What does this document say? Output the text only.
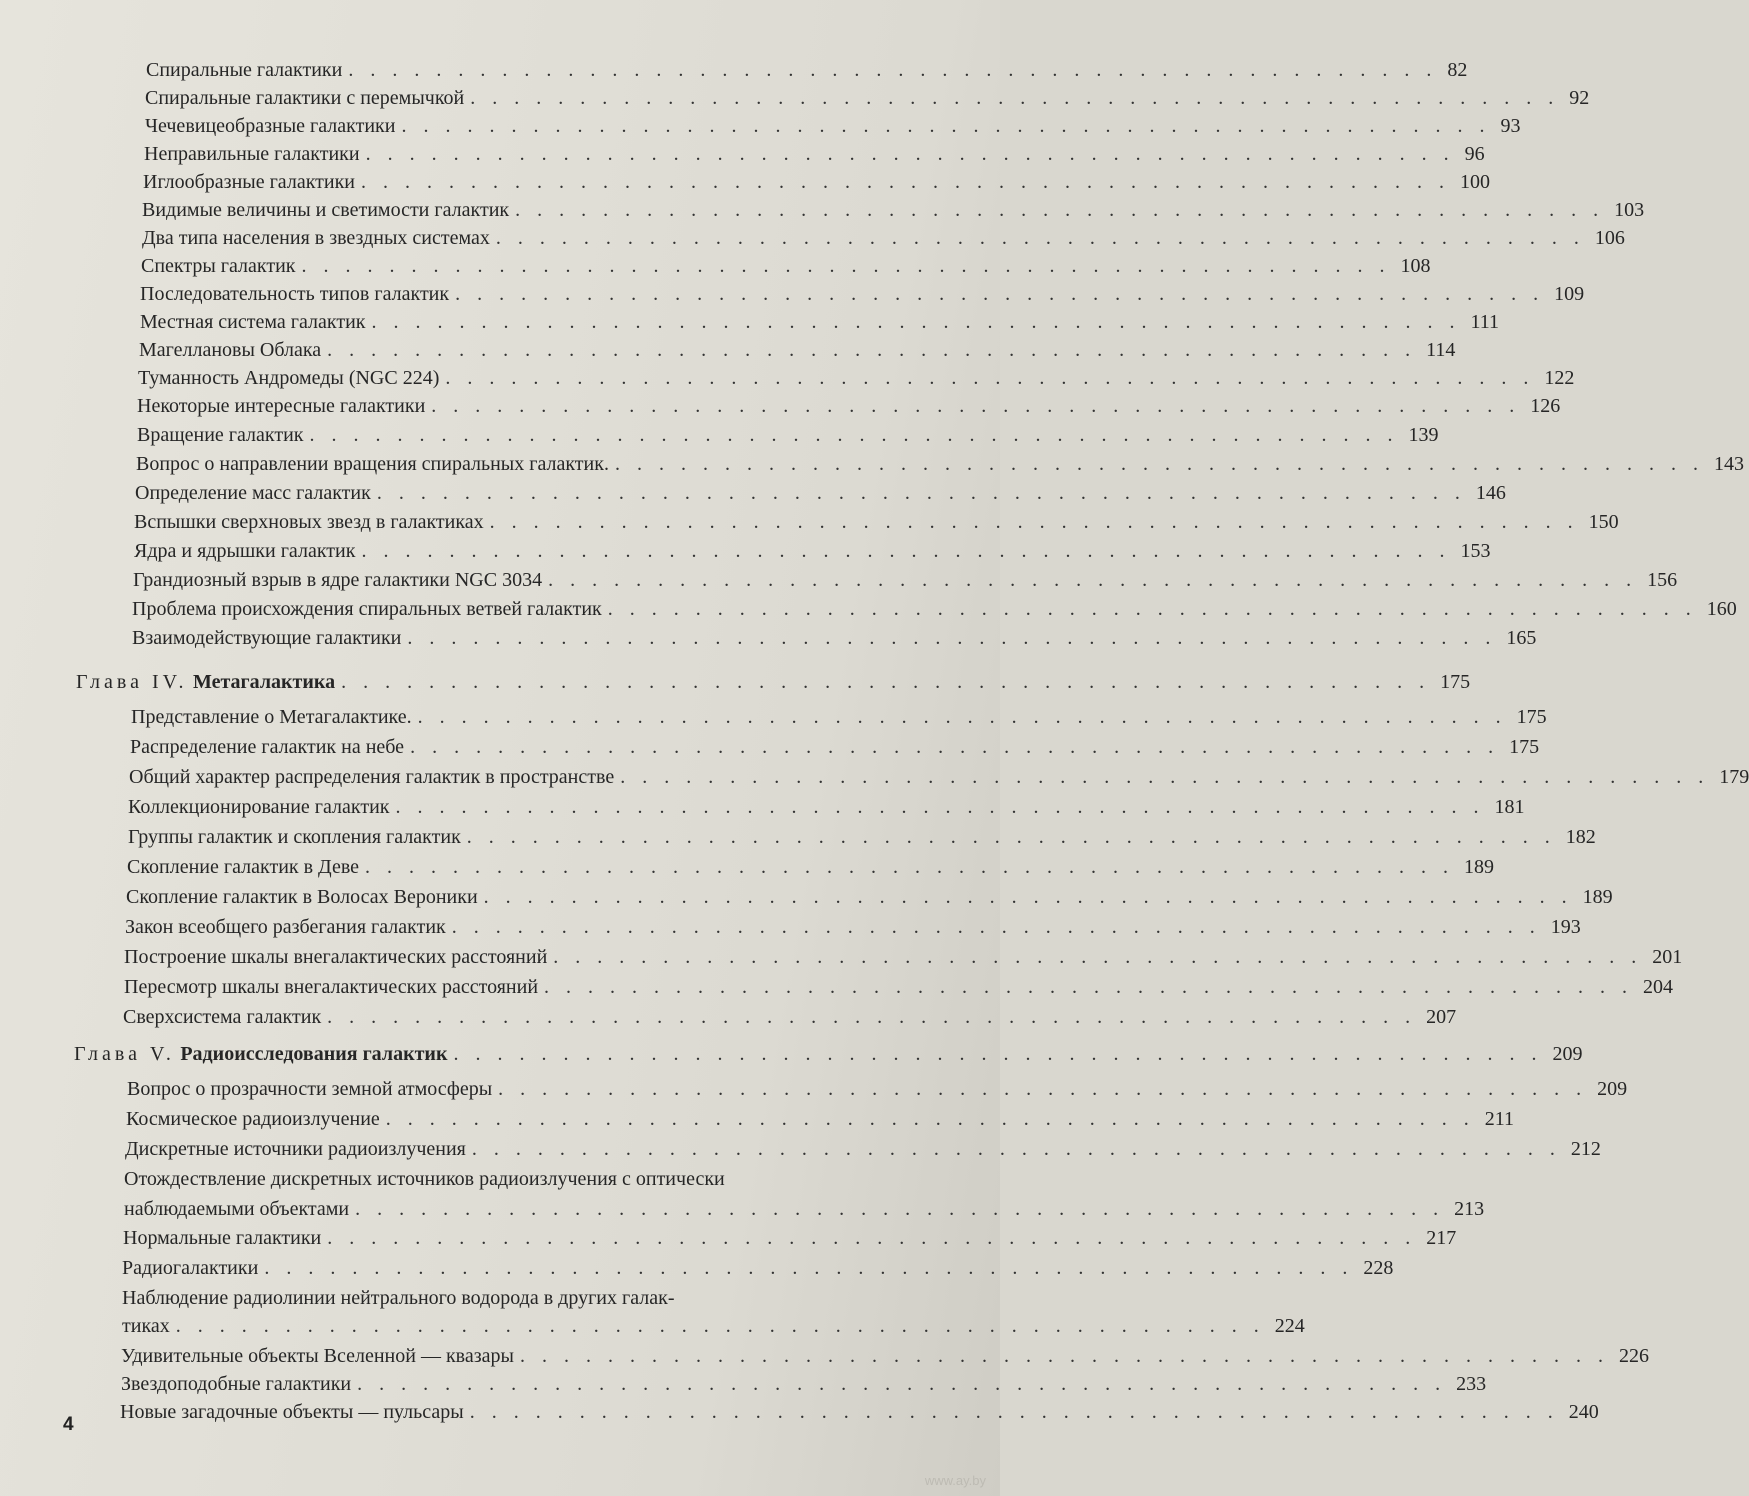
Спиральные галактики . . . . . . . . . . . . . . . . . . . . . . . . . . . . . . . . . . . . . . . . . . . . . . . . . . 82
Спиральные галактики с перемычкой . . . . . . . . . . . . . . . . . . . . . . . . . . . . . . . . . . . . . . . . . . . . . . . . . . 92
Чечевицеобразные галактики . . . . . . . . . . . . . . . . . . . . . . . . . . . . . . . . . . . . . . . . . . . . . . . . . . 93
Неправильные галактики . . . . . . . . . . . . . . . . . . . . . . . . . . . . . . . . . . . . . . . . . . . . . . . . . . 96
Иглообразные галактики . . . . . . . . . . . . . . . . . . . . . . . . . . . . . . . . . . . . . . . . . . . . . . . . . . 100
Видимые величины и светимости галактик . . . . . . . . . . . . . . . . . . . . . . . . . . . . . . . . . . . . . . . . . . . . . . . . . . 103
Два типа населения в звездных системах . . . . . . . . . . . . . . . . . . . . . . . . . . . . . . . . . . . . . . . . . . . . . . . . . . 106
Спектры галактик . . . . . . . . . . . . . . . . . . . . . . . . . . . . . . . . . . . . . . . . . . . . . . . . . . 108
Последовательность типов галактик . . . . . . . . . . . . . . . . . . . . . . . . . . . . . . . . . . . . . . . . . . . . . . . . . . 109
Местная система галактик . . . . . . . . . . . . . . . . . . . . . . . . . . . . . . . . . . . . . . . . . . . . . . . . . . 111
Магеллановы Облака . . . . . . . . . . . . . . . . . . . . . . . . . . . . . . . . . . . . . . . . . . . . . . . . . . 114
Туманность Андромеды (NGC 224) . . . . . . . . . . . . . . . . . . . . . . . . . . . . . . . . . . . . . . . . . . . . . . . . . . 122
Некоторые интересные галактики . . . . . . . . . . . . . . . . . . . . . . . . . . . . . . . . . . . . . . . . . . . . . . . . . . 126
Вращение галактик . . . . . . . . . . . . . . . . . . . . . . . . . . . . . . . . . . . . . . . . . . . . . . . . . . 139
Вопрос о направлении вращения спиральных галактик. . . . . . . . . . . . . . . . . . . . . . . . . . . . . . . . . . . . . . . . . . . . . . . . . . . 143
Определение масс галактик . . . . . . . . . . . . . . . . . . . . . . . . . . . . . . . . . . . . . . . . . . . . . . . . . . 146
Вспышки сверхновых звезд в галактиках . . . . . . . . . . . . . . . . . . . . . . . . . . . . . . . . . . . . . . . . . . . . . . . . . . 150
Ядра и ядрышки галактик . . . . . . . . . . . . . . . . . . . . . . . . . . . . . . . . . . . . . . . . . . . . . . . . . . 153
Грандиозный взрыв в ядре галактики NGC 3034 . . . . . . . . . . . . . . . . . . . . . . . . . . . . . . . . . . . . . . . . . . . . . . . . . . 156
Проблема происхождения спиральных ветвей галактик . . . . . . . . . . . . . . . . . . . . . . . . . . . . . . . . . . . . . . . . . . . . . . . . . . 160
Взаимодействующие галактики . . . . . . . . . . . . . . . . . . . . . . . . . . . . . . . . . . . . . . . . . . . . . . . . . . 165
Глава IV. Метагалактика . . . . . . . . . . . . . . . . . . . . . . . . . . . . . . . . . . . . . . . . . . . . . . . . . . 175
Представление о Метагалактике. . . . . . . . . . . . . . . . . . . . . . . . . . . . . . . . . . . . . . . . . . . . . . . . . . . 175
Распределение галактик на небе . . . . . . . . . . . . . . . . . . . . . . . . . . . . . . . . . . . . . . . . . . . . . . . . . . 175
Общий характер распределения галактик в пространстве . . . . . . . . . . . . . . . . . . . . . . . . . . . . . . . . . . . . . . . . . . . . . . . . . . 179
Коллекционирование галактик . . . . . . . . . . . . . . . . . . . . . . . . . . . . . . . . . . . . . . . . . . . . . . . . . . 181
Группы галактик и скопления галактик . . . . . . . . . . . . . . . . . . . . . . . . . . . . . . . . . . . . . . . . . . . . . . . . . . 182
Скопление галактик в Деве . . . . . . . . . . . . . . . . . . . . . . . . . . . . . . . . . . . . . . . . . . . . . . . . . . 189
Скопление галактик в Волосах Вероники . . . . . . . . . . . . . . . . . . . . . . . . . . . . . . . . . . . . . . . . . . . . . . . . . . 189
Закон всеобщего разбегания галактик . . . . . . . . . . . . . . . . . . . . . . . . . . . . . . . . . . . . . . . . . . . . . . . . . . 193
Построение шкалы внегалактических расстояний . . . . . . . . . . . . . . . . . . . . . . . . . . . . . . . . . . . . . . . . . . . . . . . . . . 201
Пересмотр шкалы внегалактических расстояний . . . . . . . . . . . . . . . . . . . . . . . . . . . . . . . . . . . . . . . . . . . . . . . . . . 204
Сверхсистема галактик . . . . . . . . . . . . . . . . . . . . . . . . . . . . . . . . . . . . . . . . . . . . . . . . . . 207
Глава V. Радиоисследования галактик . . . . . . . . . . . . . . . . . . . . . . . . . . . . . . . . . . . . . . . . . . . . . . . . . . 209
Вопрос о прозрачности земной атмосферы . . . . . . . . . . . . . . . . . . . . . . . . . . . . . . . . . . . . . . . . . . . . . . . . . . 209
Космическое радиоизлучение . . . . . . . . . . . . . . . . . . . . . . . . . . . . . . . . . . . . . . . . . . . . . . . . . . 211
Дискретные источники радиоизлучения . . . . . . . . . . . . . . . . . . . . . . . . . . . . . . . . . . . . . . . . . . . . . . . . . . 212
Отождествление дискретных источников радиоизлучения с оптически
наблюдаемыми объектами . . . . . . . . . . . . . . . . . . . . . . . . . . . . . . . . . . . . . . . . . . . . . . . . . . 213
Нормальные галактики . . . . . . . . . . . . . . . . . . . . . . . . . . . . . . . . . . . . . . . . . . . . . . . . . . 217
Радиогалактики . . . . . . . . . . . . . . . . . . . . . . . . . . . . . . . . . . . . . . . . . . . . . . . . . . 228
Наблюдение радиолинии нейтрального водорода в других галак-
тиках . . . . . . . . . . . . . . . . . . . . . . . . . . . . . . . . . . . . . . . . . . . . . . . . . . 224
Удивительные объекты Вселенной — квазары . . . . . . . . . . . . . . . . . . . . . . . . . . . . . . . . . . . . . . . . . . . . . . . . . . 226
Звездоподобные галактики . . . . . . . . . . . . . . . . . . . . . . . . . . . . . . . . . . . . . . . . . . . . . . . . . . 233
Новые загадочные объекты — пульсары . . . . . . . . . . . . . . . . . . . . . . . . . . . . . . . . . . . . . . . . . . . . . . . . . . 240
4
www.ay.by
